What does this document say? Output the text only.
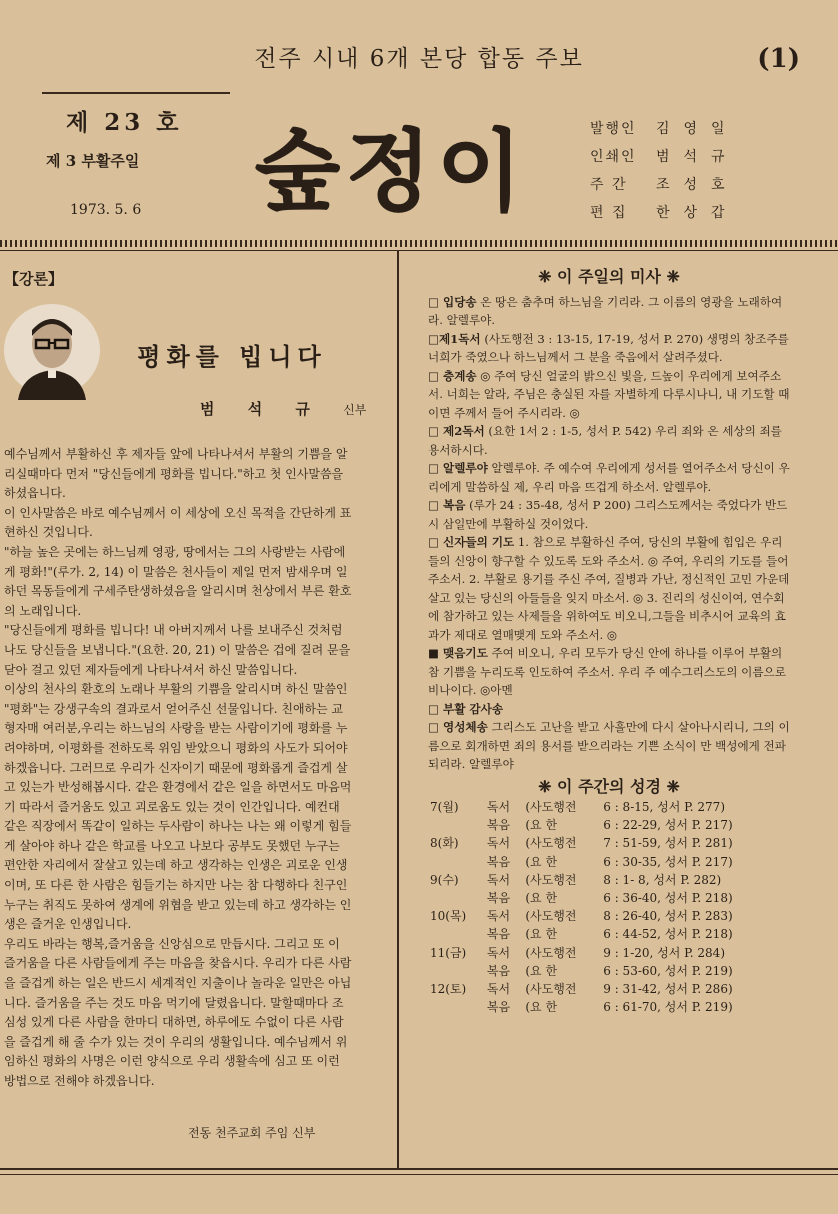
전주 시내 6개 본당 합동 주보	(1)
제 23 호
제 3 부활주일
1973. 5. 6 숲정이	발행인	김영일
인쇄인	범석규
주 간	조성호
편 집	한상갑
【강론】
평화를 빕니다
범 석 규 신부

예수님께서 부활하신 후 제자들 앞에 나타나셔서 부활의 기쁨을 알리실때마다 먼저 "당신들에게 평화를 빕니다."하고 첫 인사말씀을 하셨읍니다.

이 인사말씀은 바로 예수님께서 이 세상에 오신 목적을 간단하게 표현하신 것입니다.

"하늘 높은 곳에는 하느님께 영광, 땅에서는 그의 사랑받는 사람에게 평화!"(루가. 2, 14) 이 말씀은 천사들이 제일 먼저 밤새우며 일하던 목동들에게 구세주탄생하셨음을 알리시며 천상에서 부른 환호의 노래입니다.

"당신들에게 평화를 빕니다! 내 아버지께서 나를 보내주신 것처럼 나도 당신들을 보냅니다."(요한. 20, 21) 이 말씀은 겁에 질려 문을 닫아 걸고 있던 제자들에게 나타나셔서 하신 말씀입니다.

이상의 천사의 환호의 노래나 부활의 기쁨을 알리시며 하신 말씀인 "평화"는 강생구속의 결과로서 얻어주신 선물입니다. 친애하는 교형자매 여러분,우리는 하느님의 사랑을 받는 사람이기에 평화를 누려야하며, 이평화를 전하도록 위임 받았으니 평화의 사도가 되어야 하겠읍니다. 그러므로 우리가 신자이기 때문에 평화롭게 즐겁게 살고 있는가 반성해봅시다. 같은 환경에서 같은 일을 하면서도 마음먹기 따라서 즐거움도 있고 괴로움도 있는 것이 인간입니다. 예컨대 같은 직장에서 똑같이 일하는 두사람이 하나는 나는 왜 이렇게 힘들게 살아야 하나 같은 학교를 나오고 나보다 공부도 못했던 누구는 편안한 자리에서 잘살고 있는데 하고 생각하는 인생은 괴로운 인생이며, 또 다른 한 사람은 힘들기는 하지만 나는 참 다행하다 친구인 누구는 취직도 못하여 생계에 위협을 받고 있는데 하고 생각하는 인생은 즐거운 인생입니다.

우리도 바라는 행복,즐거움을 신앙심으로 만듭시다. 그리고 또 이 즐거움을 다른 사람들에게 주는 마음을 찾읍시다. 우리가 다른 사람을 즐겁게 하는 일은 반드시 세계적인 지출이나 놀라운 일만은 아닙니다. 즐거움을 주는 것도 마음 먹기에 달렸읍니다. 말할때마다 조심성 있게 다른 사람을 한마디 대하면, 하루에도 수없이 다른 사람을 즐겁게 해 줄 수가 있는 것이 우리의 생활입니다. 예수님께서 위임하신 평화의 사명은 이런 양식으로 우리 생활속에 심고 또 이런 방법으로 전해야 하겠읍니다.

전동 천주교회 주임 신부
❈ 이 주일의 미사 ❈

□ 입당송 온 땅은 춤추며 하느님을 기리라. 그 이름의 영광을 노래하여라. 알렐루야.

□제1독서 (사도행전 3 : 13-15, 17-19, 성서 P. 270) 생명의 창조주를 너희가 죽였으나 하느님께서 그 분을 죽음에서 살려주셨다.

□ 층계송 ◎ 주여 당신 얼굴의 밝으신 빛을, 드높이 우리에게 보여주소서. 너희는 알라, 주님은 충실된 자를 자별하게 다루시나니, 내 기도할 때이면 주께서 들어 주시리라. ◎

□ 제2독서 (요한 1서 2 : 1-5, 성서 P. 542) 우리 죄와 온 세상의 죄를 용서하시다.

□ 알렐루야 알렐루야. 주 예수여 우리에게 성서를 열어주소서 당신이 우리에게 말씀하실 제, 우리 마음 뜨겁게 하소서. 알렐루야.

□ 복음 (루가 24 : 35-48, 성서 P 200) 그리스도께서는 죽었다가 반드시 삼일만에 부활하실 것이었다.

□ 신자들의 기도 1. 참으로 부활하신 주여, 당신의 부활에 힘입은 우리들의 신앙이 향구할 수 있도록 도와 주소서. ◎ 주여, 우리의 기도를 들어주소서. 2. 부활로 용기를 주신 주여, 질병과 가난, 정신적인 고민 가운데 살고 있는 당신의 아들들을 잊지 마소서. ◎ 3. 진리의 성신이여, 연수회에 참가하고 있는 사제들을 위하여도 비오니,그들을 비추시어 교육의 효과가 제대로 열매맺게 도와 주소서. ◎

■ 맺음기도 주여 비오니, 우리 모두가 당신 안에 하나를 이루어 부활의 참 기쁨을 누리도록 인도하여 주소서. 우리 주 예수그리스도의 이름으로 비나이다. ◎아멘

□ 부활 감사송

□ 영성체송 그리스도 고난을 받고 사흘만에 다시 살아나시리니, 그의 이름으로 회개하면 죄의 용서를 받으리라는 기쁜 소식이 만 백성에게 전파되리라. 알렐루야

❈ 이 주간의 성경 ❈
7(월)	독서	(사도행전	6 : 8-15, 성서 P. 277)
	복음	(요 한	6 : 22-29, 성서 P. 217)
8(화)	독서	(사도행전	7 : 51-59, 성서 P. 281)
	복음	(요 한	6 : 30-35, 성서 P. 217)
9(수)	독서	(사도행전	8 : 1- 8, 성서 P. 282)
	복음	(요 한	6 : 36-40, 성서 P. 218)
10(목)	독서	(사도행전	8 : 26-40, 성서 P. 283)
	복음	(요 한	6 : 44-52, 성서 P. 218)
11(금)	독서	(사도행전	9 : 1-20, 성서 P. 284)
	복음	(요 한	6 : 53-60, 성서 P. 219)
12(토)	독서	(사도행전	9 : 31-42, 성서 P. 286)
	복음	(요 한	6 : 61-70, 성서 P. 219)
